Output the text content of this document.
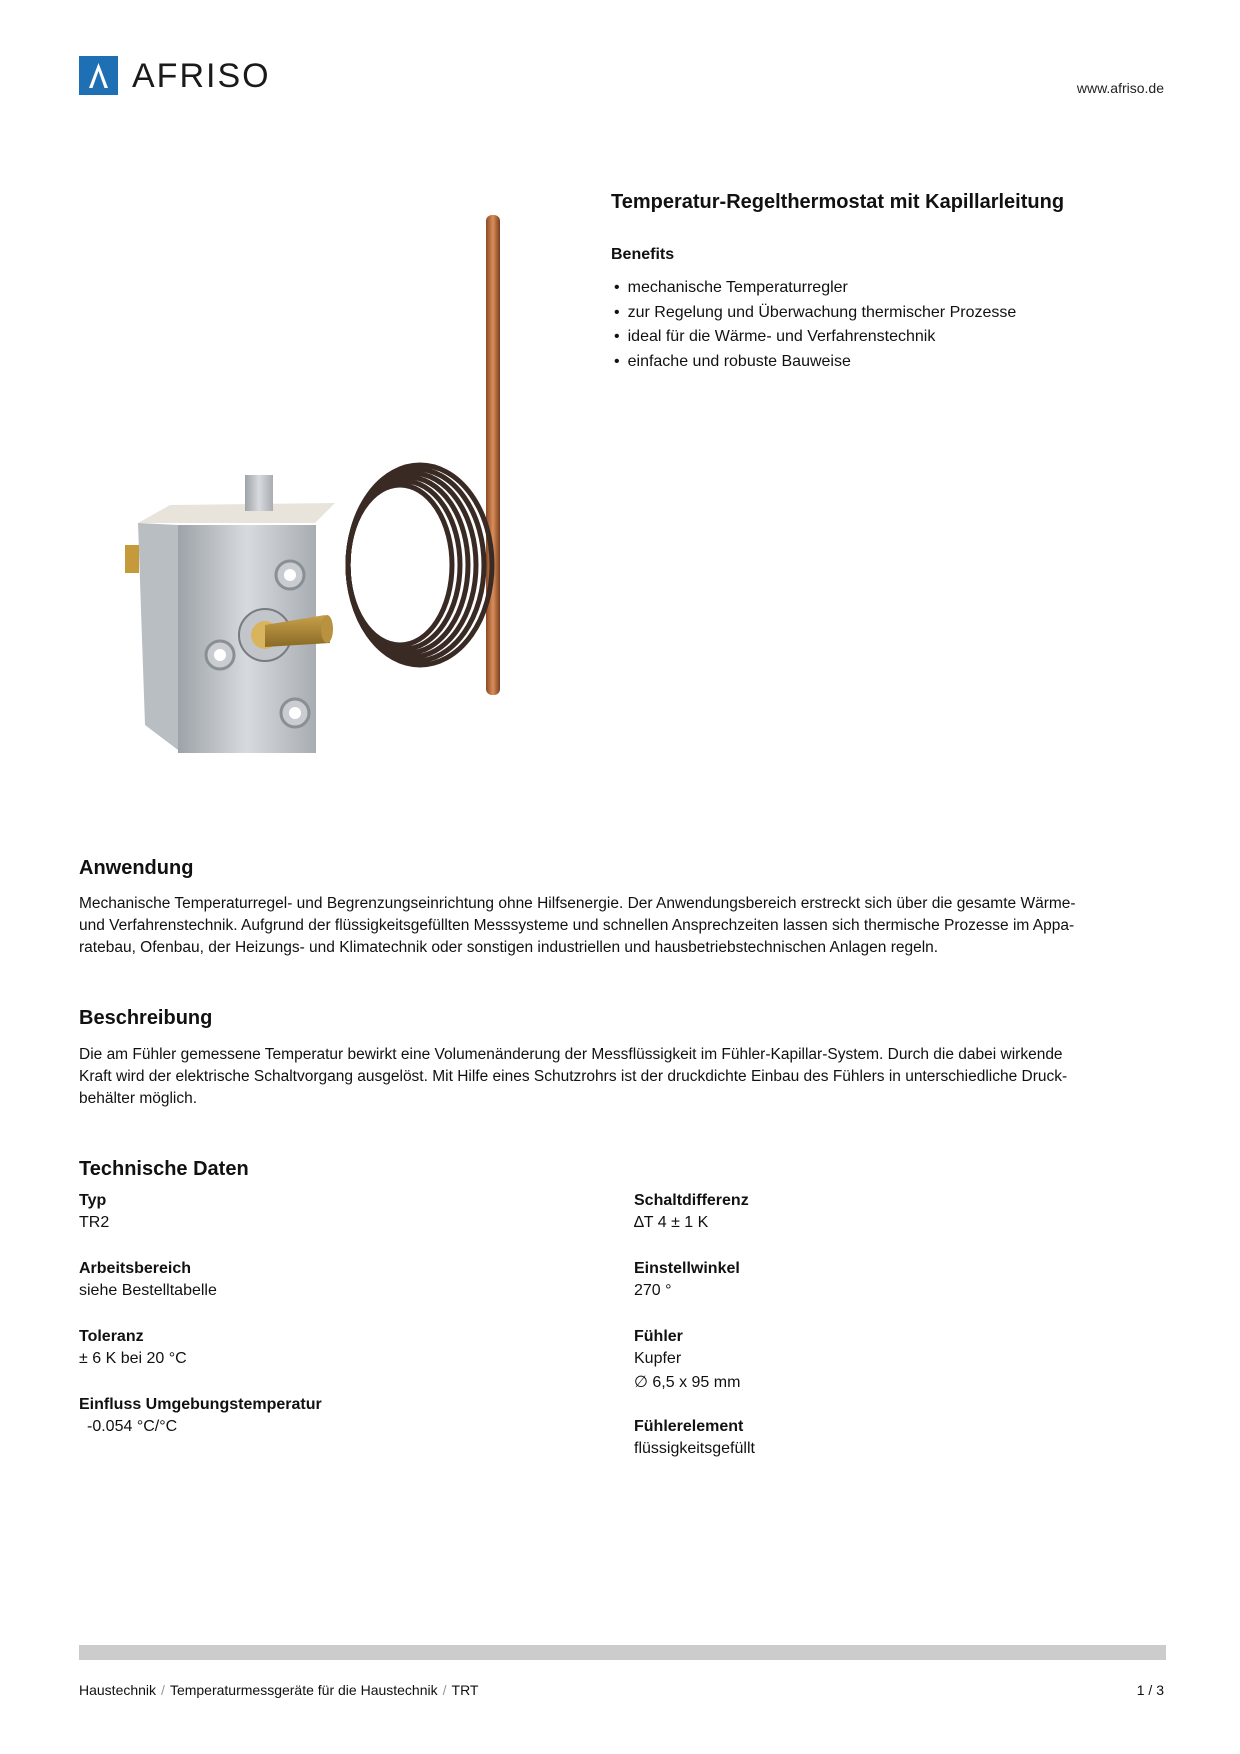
AFRISO	www.afriso.de
Temperatur-Regelthermostat mit Kapillarleitung
Benefits
• mechanische Temperaturregler
• zur Regelung und Überwachung thermischer Prozesse
• ideal für die Wärme- und Verfahrenstechnik
• einfache und robuste Bauweise
Anwendung
Mechanische Temperaturregel- und Begrenzungseinrichtung ohne Hilfsenergie. Der Anwendungsbereich erstreckt sich über die gesamte Wärme-
und Verfahrenstechnik. Aufgrund der flüssigkeitsgefüllten Messsysteme und schnellen Ansprechzeiten lassen sich thermische Prozesse im Appa-
ratebau, Ofenbau, der Heizungs- und Klimatechnik oder sonstigen industriellen und hausbetriebstechnischen Anlagen regeln.
Beschreibung
Die am Fühler gemessene Temperatur bewirkt eine Volumenänderung der Messflüssigkeit im Fühler-Kapillar-System. Durch die dabei wirkende
Kraft wird der elektrische Schaltvorgang ausgelöst. Mit Hilfe eines Schutzrohrs ist der druckdichte Einbau des Fühlers in unterschiedliche Druck-
behälter möglich.
Technische Daten
Typ
TR2
Arbeitsbereich
siehe Bestelltabelle
Toleranz
± 6 K bei 20 °C
Einfluss Umgebungstemperatur
-0.054 °C/°C
Schaltdifferenz
∆T 4 ± 1 K
Einstellwinkel
270 °
Fühler
Kupfer
∅ 6,5 x 95 mm
Fühlerelement
flüssigkeitsgefüllt
Haustechnik / Temperaturmessgeräte für die Haustechnik / TRT	1 / 3
